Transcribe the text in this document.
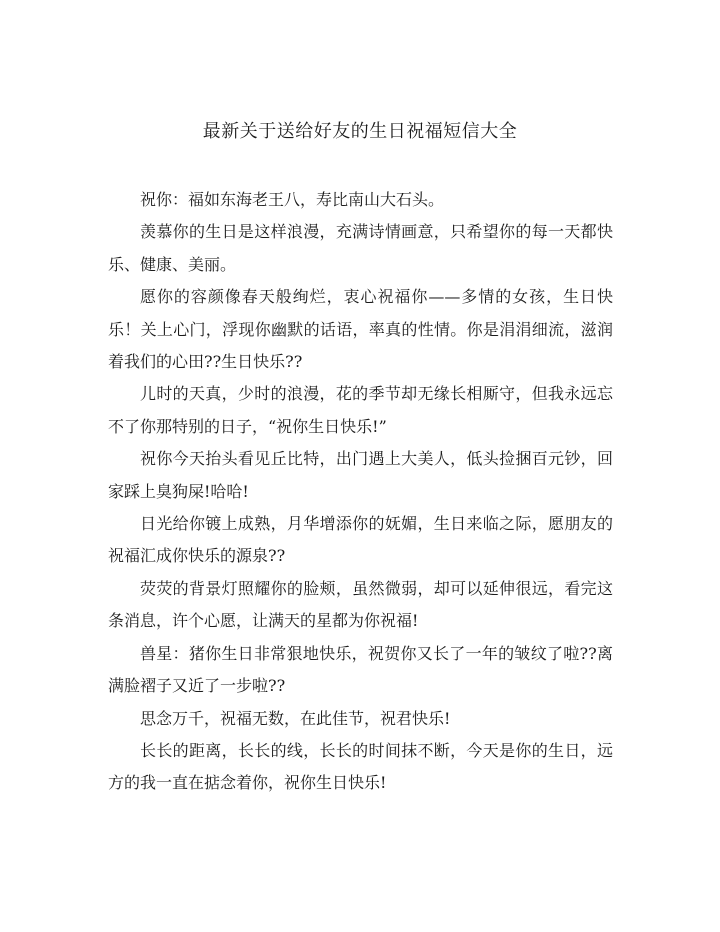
最新关于送给好友的生日祝福短信大全

祝你：福如东海老王八，寿比南山大石头。

羡慕你的生日是这样浪漫，充满诗情画意，只希望你的每一天都快乐、健康、美丽。

愿你的容颜像春天般绚烂，衷心祝福你——多情的女孩，生日快乐！关上心门，浮现你幽默的话语，率真的性情。你是涓涓细流，滋润着我们的心田??生日快乐??

儿时的天真，少时的浪漫，花的季节却无缘长相厮守，但我永远忘不了你那特别的日子，“祝你生日快乐!”

祝你今天抬头看见丘比特，出门遇上大美人，低头捡捆百元钞，回家踩上臭狗屎!哈哈!

日光给你镀上成熟，月华增添你的妩媚，生日来临之际，愿朋友的祝福汇成你快乐的源泉??

荧荧的背景灯照耀你的脸颊，虽然微弱，却可以延伸很远，看完这条消息，许个心愿，让满天的星都为你祝福!

兽星：猪你生日非常狠地快乐，祝贺你又长了一年的皱纹了啦??离满脸褶子又近了一步啦??

思念万千，祝福无数，在此佳节，祝君快乐!

长长的距离，长长的线，长长的时间抹不断，今天是你的生日，远方的我一直在掂念着你，祝你生日快乐!
